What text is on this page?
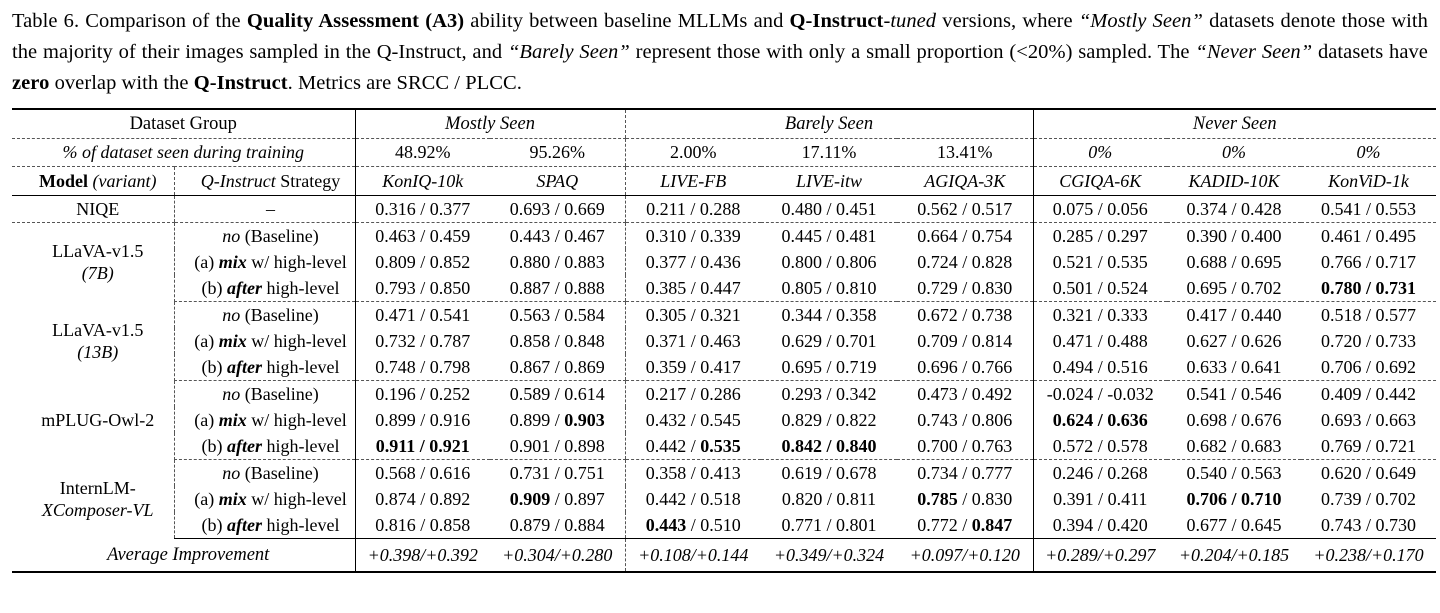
Table 6. Comparison of the Quality Assessment (A3) ability between baseline MLLMs and Q-Instruct-tuned versions, where “Mostly Seen” datasets denote those with the majority of their images sampled in the Q-Instruct, and “Barely Seen” represent those with only a small proportion (<20%) sampled. The “Never Seen” datasets have zero overlap with the Q-Instruct. Metrics are SRCC / PLCC.

Dataset Group		Mostly Seen		Barely Seen			Never Seen		
% of dataset seen during training		48.92%	95.26%	2.00%	17.11%	13.41%	0%	0%	0%
Model (variant)	Q-Instruct Strategy	KonIQ-10k	SPAQ	LIVE-FB	LIVE-itw	AGIQA-3K	CGIQA-6K	KADID-10K	KonViD-1k

NIQE	–	0.316 / 0.377	0.693 / 0.669	0.211 / 0.288	0.480 / 0.451	0.562 / 0.517	0.075 / 0.056	0.374 / 0.428	0.541 / 0.553

LLaVA-v1.5
(7B)	no (Baseline)	0.463 / 0.459	0.443 / 0.467	0.310 / 0.339	0.445 / 0.481	0.664 / 0.754	0.285 / 0.297	0.390 / 0.400	0.461 / 0.495
	(a) mix w/ high-level	0.809 / 0.852	0.880 / 0.883	0.377 / 0.436	0.800 / 0.806	0.724 / 0.828	0.521 / 0.535	0.688 / 0.695	0.766 / 0.717
	(b) after high-level	0.793 / 0.850	0.887 / 0.888	0.385 / 0.447	0.805 / 0.810	0.729 / 0.830	0.501 / 0.524	0.695 / 0.702	0.780 / 0.731

LLaVA-v1.5
(13B)	no (Baseline)	0.471 / 0.541	0.563 / 0.584	0.305 / 0.321	0.344 / 0.358	0.672 / 0.738	0.321 / 0.333	0.417 / 0.440	0.518 / 0.577
	(a) mix w/ high-level	0.732 / 0.787	0.858 / 0.848	0.371 / 0.463	0.629 / 0.701	0.709 / 0.814	0.471 / 0.488	0.627 / 0.626	0.720 / 0.733
	(b) after high-level	0.748 / 0.798	0.867 / 0.869	0.359 / 0.417	0.695 / 0.719	0.696 / 0.766	0.494 / 0.516	0.633 / 0.641	0.706 / 0.692

mPLUG-Owl-2	no (Baseline)	0.196 / 0.252	0.589 / 0.614	0.217 / 0.286	0.293 / 0.342	0.473 / 0.492	-0.024 / -0.032	0.541 / 0.546	0.409 / 0.442
	(a) mix w/ high-level	0.899 / 0.916	0.899 / 0.903	0.432 / 0.545	0.829 / 0.822	0.743 / 0.806	0.624 / 0.636	0.698 / 0.676	0.693 / 0.663
	(b) after high-level	0.911 / 0.921	0.901 / 0.898	0.442 / 0.535	0.842 / 0.840	0.700 / 0.763	0.572 / 0.578	0.682 / 0.683	0.769 / 0.721

InternLM-
XComposer-VL	no (Baseline)	0.568 / 0.616	0.731 / 0.751	0.358 / 0.413	0.619 / 0.678	0.734 / 0.777	0.246 / 0.268	0.540 / 0.563	0.620 / 0.649
	(a) mix w/ high-level	0.874 / 0.892	0.909 / 0.897	0.442 / 0.518	0.820 / 0.811	0.785 / 0.830	0.391 / 0.411	0.706 / 0.710	0.739 / 0.702
	(b) after high-level	0.816 / 0.858	0.879 / 0.884	0.443 / 0.510	0.771 / 0.801	0.772 / 0.847	0.394 / 0.420	0.677 / 0.645	0.743 / 0.730
Average Improvement		+0.398/+0.392	+0.304/+0.280	+0.108/+0.144	+0.349/+0.324	+0.097/+0.120	+0.289/+0.297	+0.204/+0.185	+0.238/+0.170
